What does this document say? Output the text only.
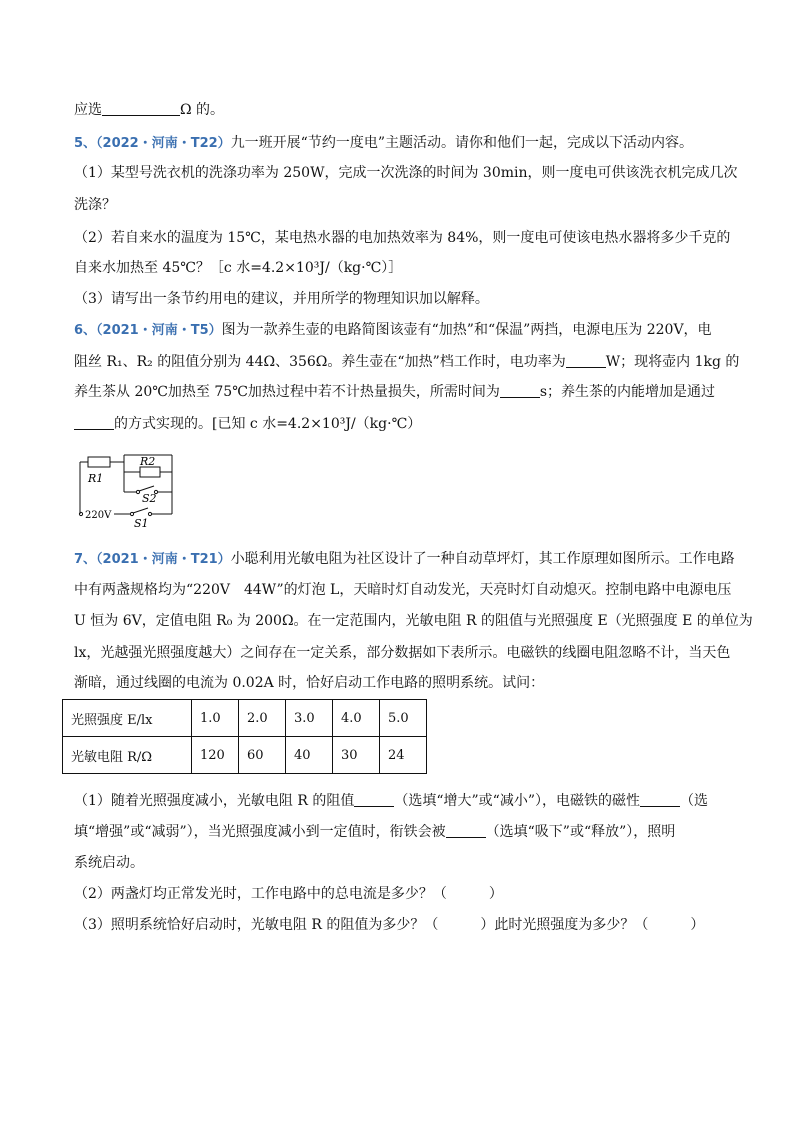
应选	Ω 的。
5、（2022・河南・T22）九一班开展“节约一度电”主题活动。请你和他们一起，完成以下活动内容。
（1）某型号洗衣机的洗涤功率为 250W，完成一次洗涤的时间为 30min，则一度电可供该洗衣机完成几次
洗涤？
（2）若自来水的温度为 15℃，某电热水器的电加热效率为 84%，则一度电可使该电热水器将多少千克的
自来水加热至 45℃？［c 水=4.2×10³J/（kg·℃）］
（3）请写出一条节约用电的建议，并用所学的物理知识加以解释。
6、（2021・河南・T5）图为一款养生壶的电路简图该壶有“加热”和“保温”两挡，电源电压为 220V，电
阻丝 R₁、R₂ 的阻值分别为 44Ω、356Ω。养生壶在“加热”档工作时，电功率为	W；现将壶内 1kg 的
养生茶从 20℃加热至 75℃加热过程中若不计热量损失，所需时间为	s；养生茶的内能增加是通过
的方式实现的。[已知 c 水=4.2×10³J/（kg·℃）
R1
R2
S2
220V
S1
7、（2021・河南・T21）小聪利用光敏电阻为社区设计了一种自动草坪灯，其工作原理如图所示。工作电路
中有两盏规格均为“220V　44W”的灯泡 L，天暗时灯自动发光，天亮时灯自动熄灭。控制电路中电源电压
U 恒为 6V，定值电阻 R₀ 为 200Ω。在一定范围内，光敏电阻 R 的阻值与光照强度 E（光照强度 E 的单位为
lx，光越强光照强度越大）之间存在一定关系，部分数据如下表所示。电磁铁的线圈电阻忽略不计，当天色
渐暗，通过线圈的电流为 0.02A 时，恰好启动工作电路的照明系统。试问：
光照强度 E/lx	1.0	2.0	3.0	4.0	5.0
光敏电阻 R/Ω	120	60	40	30	24
（1）随着光照强度减小，光敏电阻 R 的阻值	（选填“增大”或“减小”），电磁铁的磁性	（选
填“增强”或“减弱”），当光照强度减小到一定值时，衔铁会被	（选填“吸下”或“释放”），照明
系统启动。
（2）两盏灯均正常发光时，工作电路中的总电流是多少？（　　　）
（3）照明系统恰好启动时，光敏电阻 R 的阻值为多少？（　　　）此时光照强度为多少？（　　　）
